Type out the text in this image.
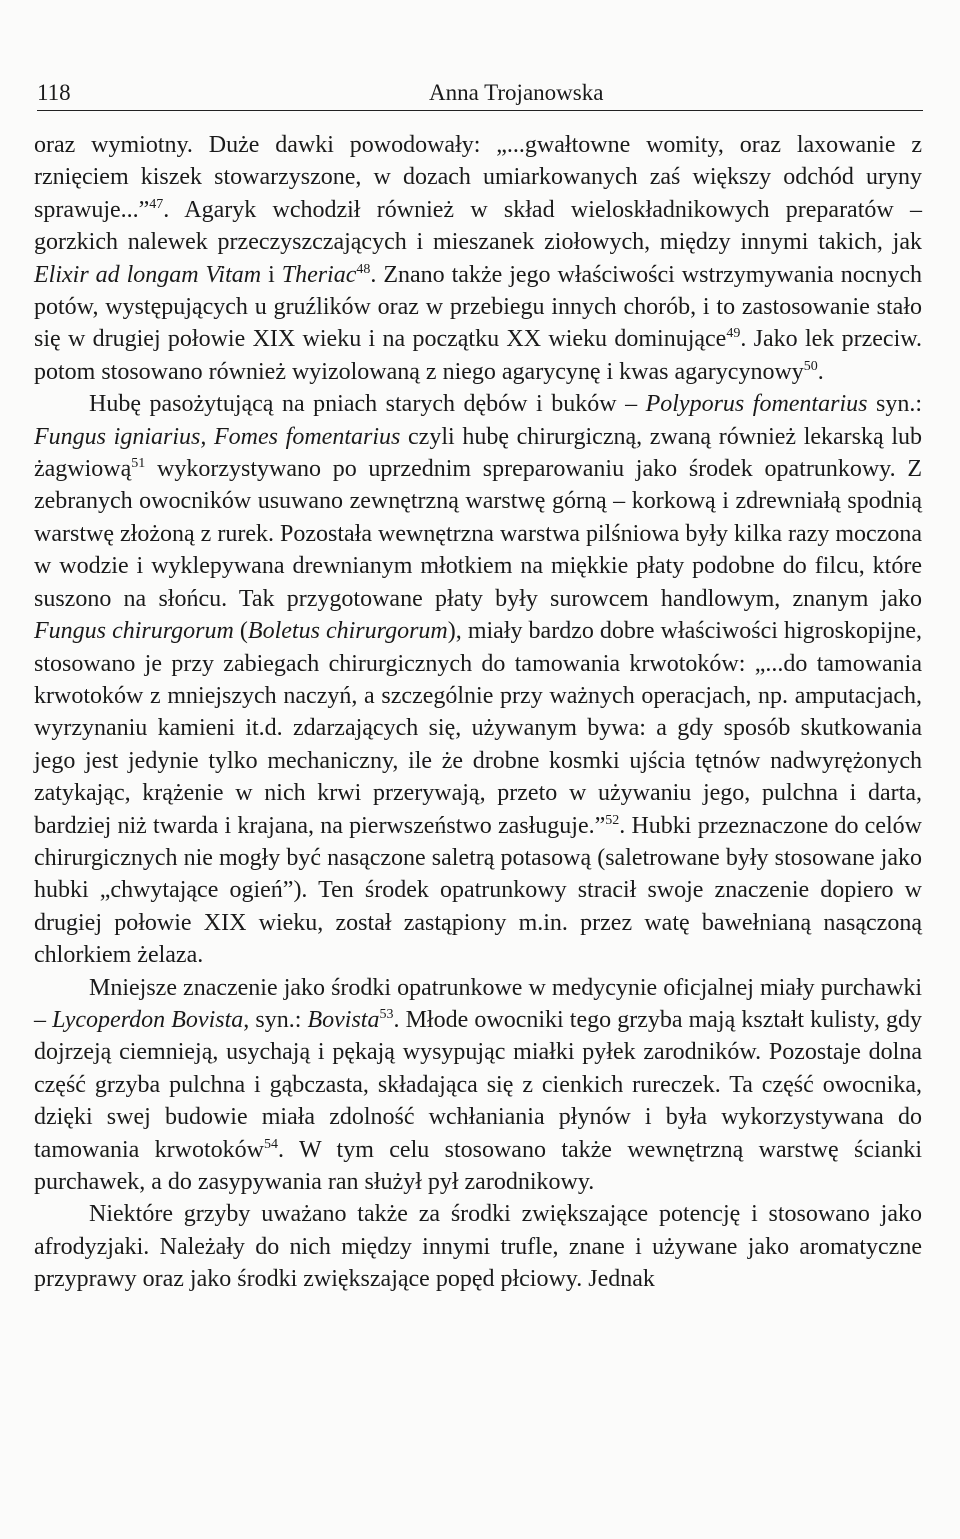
118	Anna Trojanowska

oraz wymiotny. Duże dawki powodowały: „...gwałtowne womity, oraz laxowanie z rznięciem kiszek stowarzyszone, w dozach umiarkowanych zaś większy odchód uryny sprawuje...”$^{47}$. Agaryk wchodził również w skład wieloskładnikowych preparatów – gorzkich nalewek przeczyszczających i mieszanek ziołowych, między innymi takich, jak Elixir ad longam Vitam i Theriac$^{48}$. Znano także jego właściwości wstrzymywania nocnych potów, występujących u gruźlików oraz w przebiegu innych chorób, i to zastosowanie stało się w drugiej połowie XIX wieku i na początku XX wieku dominujące$^{49}$. Jako lek przeciw. potom stosowano również wyizolowaną z niego agarycynę i kwas agarycynowy$^{50}$.

Hubę pasożytującą na pniach starych dębów i buków – Polyporus fomentarius syn.: Fungus igniarius, Fomes fomentarius czyli hubę chirurgiczną, zwaną również lekarską lub żagwiową$^{51}$ wykorzystywano po uprzednim spreparowaniu jako środek opatrunkowy. Z zebranych owocników usuwano zewnętrzną warstwę górną – korkową i zdrewniałą spodnią warstwę złożoną z rurek. Pozostała wewnętrzna warstwa pilśniowa były kilka razy moczona w wodzie i wyklepywana drewnianym młotkiem na miękkie płaty podobne do filcu, które suszono na słońcu. Tak przygotowane płaty były surowcem handlowym, znanym jako Fungus chirurgorum (Boletus chirurgorum), miały bardzo dobre właściwości higroskopijne, stosowano je przy zabiegach chirurgicznych do tamowania krwotoków: „...do tamowania krwotoków z mniejszych naczyń, a szczególnie przy ważnych operacjach, np. amputacjach, wyrzynaniu kamieni it.d. zdarzających się, używanym bywa: a gdy sposób skutkowania jego jest jedynie tylko mechaniczny, ile że drobne kosmki ujścia tętnów nadwyrężonych zatykając, krążenie w nich krwi przerywają, przeto w używaniu jego, pulchna i darta, bardziej niż twarda i krajana, na pierwszeństwo zasługuje.”$^{52}$. Hubki przeznaczone do celów chirurgicznych nie mogły być nasączone saletrą potasową (saletrowane były stosowane jako hubki „chwytające ogień”). Ten środek opatrunkowy stracił swoje znaczenie dopiero w drugiej połowie XIX wieku, został zastąpiony m.in. przez watę bawełnianą nasączoną chlorkiem żelaza.

Mniejsze znaczenie jako środki opatrunkowe w medycynie oficjalnej miały purchawki – Lycoperdon Bovista, syn.: Bovista$^{53}$. Młode owocniki tego grzyba mają kształt kulisty, gdy dojrzeją ciemnieją, usychają i pękają wysypując miałki pyłek zarodników. Pozostaje dolna część grzyba pulchna i gąbczasta, składająca się z cienkich rureczek. Ta część owocnika, dzięki swej budowie miała zdolność wchłaniania płynów i była wykorzystywana do tamowania krwotoków$^{54}$. W tym celu stosowano także wewnętrzną warstwę ścianki purchawek, a do zasypywania ran służył pył zarodnikowy.

Niektóre grzyby uważano także za środki zwiększające potencję i stosowano jako afrodyzjaki. Należały do nich między innymi trufle, znane i używane jako aromatyczne przyprawy oraz jako środki zwiększające popęd płciowy. Jednak
